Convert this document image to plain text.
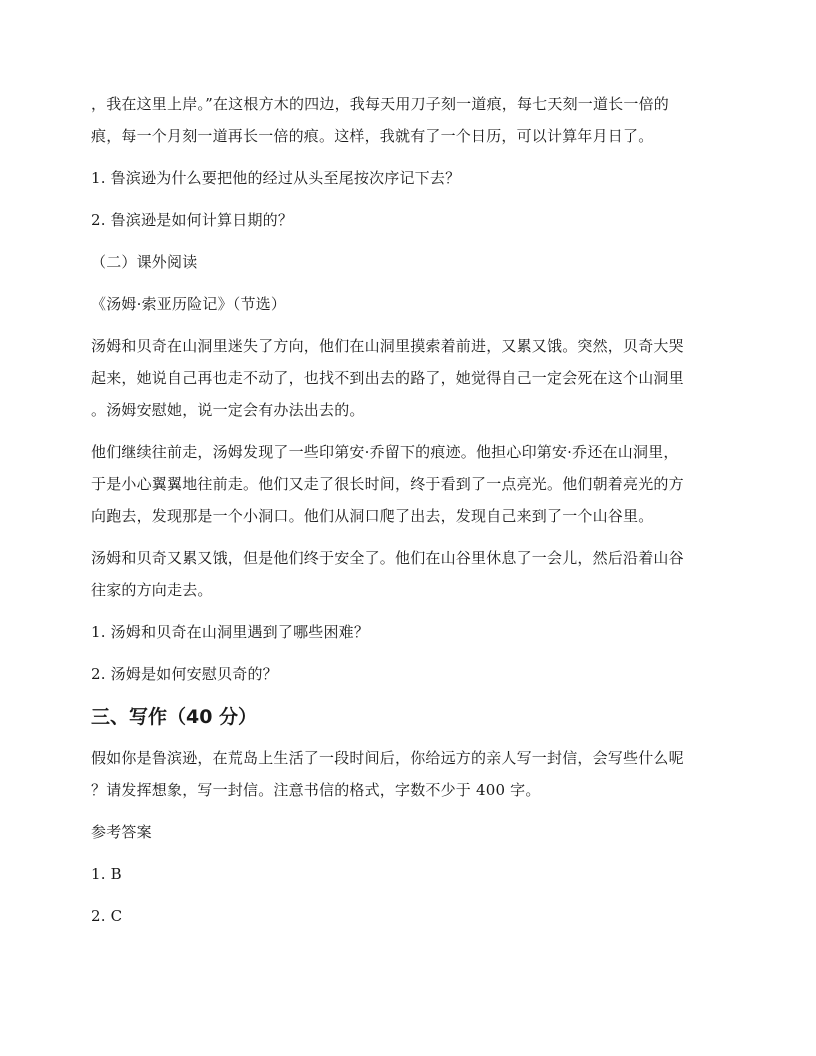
，我在这里上岸。”在这根方木的四边，我每天用刀子刻一道痕，每七天刻一道长一倍的
痕，每一个月刻一道再长一倍的痕。这样，我就有了一个日历，可以计算年月日了。

1. 鲁滨逊为什么要把他的经过从头至尾按次序记下去？

2. 鲁滨逊是如何计算日期的？

（二）课外阅读

《汤姆·索亚历险记》（节选）

汤姆和贝奇在山洞里迷失了方向，他们在山洞里摸索着前进，又累又饿。突然，贝奇大哭
起来，她说自己再也走不动了，也找不到出去的路了，她觉得自己一定会死在这个山洞里
。汤姆安慰她，说一定会有办法出去的。

他们继续往前走，汤姆发现了一些印第安·乔留下的痕迹。他担心印第安·乔还在山洞里，
于是小心翼翼地往前走。他们又走了很长时间，终于看到了一点亮光。他们朝着亮光的方
向跑去，发现那是一个小洞口。他们从洞口爬了出去，发现自己来到了一个山谷里。

汤姆和贝奇又累又饿，但是他们终于安全了。他们在山谷里休息了一会儿，然后沿着山谷
往家的方向走去。

1. 汤姆和贝奇在山洞里遇到了哪些困难？

2. 汤姆是如何安慰贝奇的？

三、写作（40 分）

假如你是鲁滨逊，在荒岛上生活了一段时间后，你给远方的亲人写一封信，会写些什么呢
？请发挥想象，写一封信。注意书信的格式，字数不少于 400 字。

参考答案

1. B

2. C
